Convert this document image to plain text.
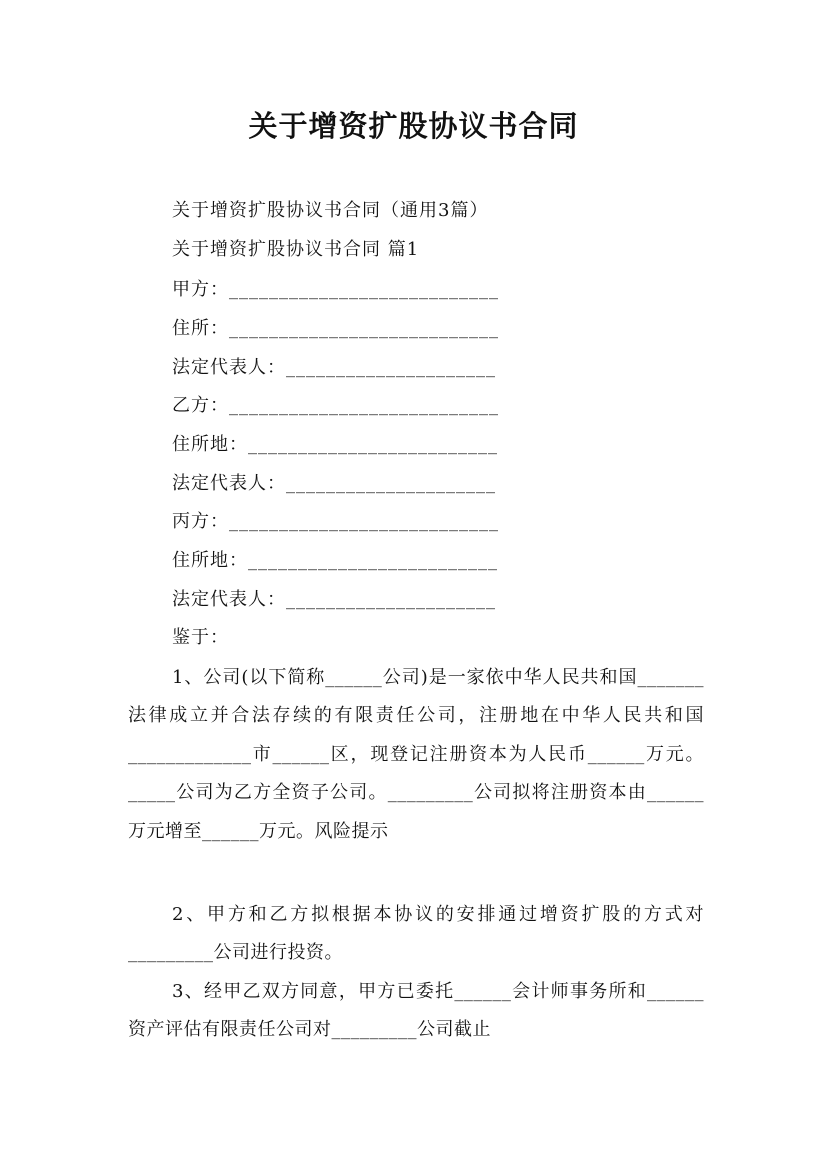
关于增资扩股协议书合同
关于增资扩股协议书合同（通用3篇）
关于增资扩股协议书合同 篇1
甲方：___________________________
住所：___________________________
法定代表人：_____________________
乙方：___________________________
住所地：_________________________
法定代表人：_____________________
丙方：___________________________
住所地：_________________________
法定代表人：_____________________
鉴于：
1、公司(以下简称______公司)是一家依中华人民共和国_______法律成立并合法存续的有限责任公司，注册地在中华人民共和国_____________市______区，现登记注册资本为人民币______万元。_____公司为乙方全资子公司。_________公司拟将注册资本由______万元增至______万元。风险提示
2、甲方和乙方拟根据本协议的安排通过增资扩股的方式对_________公司进行投资。
3、经甲乙双方同意，甲方已委托______会计师事务所和______资产评估有限责任公司对_________公司截止
